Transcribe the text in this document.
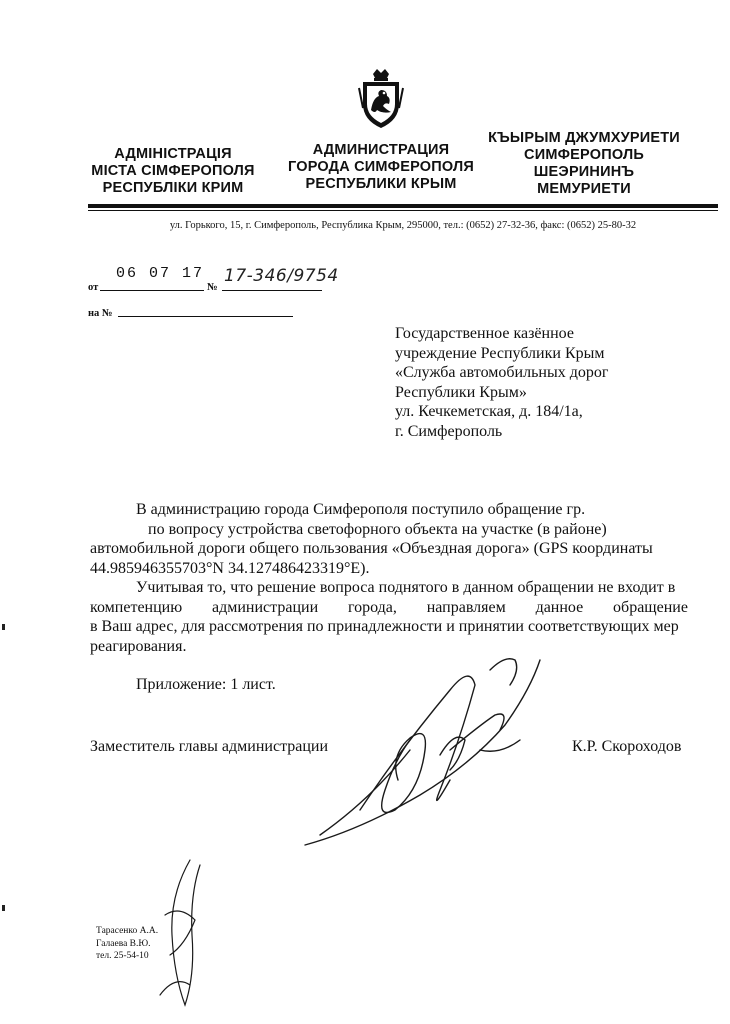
АДМІНІСТРАЦІЯ
МІСТА СІМФЕРОПОЛЯ
РЕСПУБЛІКИ КРИМ
АДМИНИСТРАЦИЯ
ГОРОДА СИМФЕРОПОЛЯ
РЕСПУБЛИКИ КРЫМ
КЪЫРЫМ ДЖУМХУРИЕТИ
СИМФЕРОПОЛЬ
ШЕЭРИНИНЪ
МЕМУРИЕТИ
ул. Горького, 15, г. Симферополь, Республика Крым, 295000, тел.: (0652) 27-32-36, факс: (0652) 25-80-32
от
06 07 17
№
17-346/9754
на №
Государственное казённое
учреждение Республики Крым
«Служба автомобильных дорог
Республики Крым»
ул. Кечкеметская, д. 184/1а,
г. Симферополь
В администрацию города Симферополя поступило обращение гр.
по вопросу устройства светофорного объекта на участке (в районе)
автомобильной дороги общего пользования «Объездная дорога» (GPS координаты
44.985946355703°N 34.127486423319°E).
Учитывая то, что решение вопроса поднятого в данном обращении не входит в
компетенцию администрации города, направляем данное обращение
в Ваш адрес, для рассмотрения по принадлежности и принятии соответствующих мер
реагирования.
Приложение: 1 лист.
Заместитель главы администрации	К.Р. Скороходов
Тарасенко А.А.
Галаева В.Ю.
тел. 25-54-10
